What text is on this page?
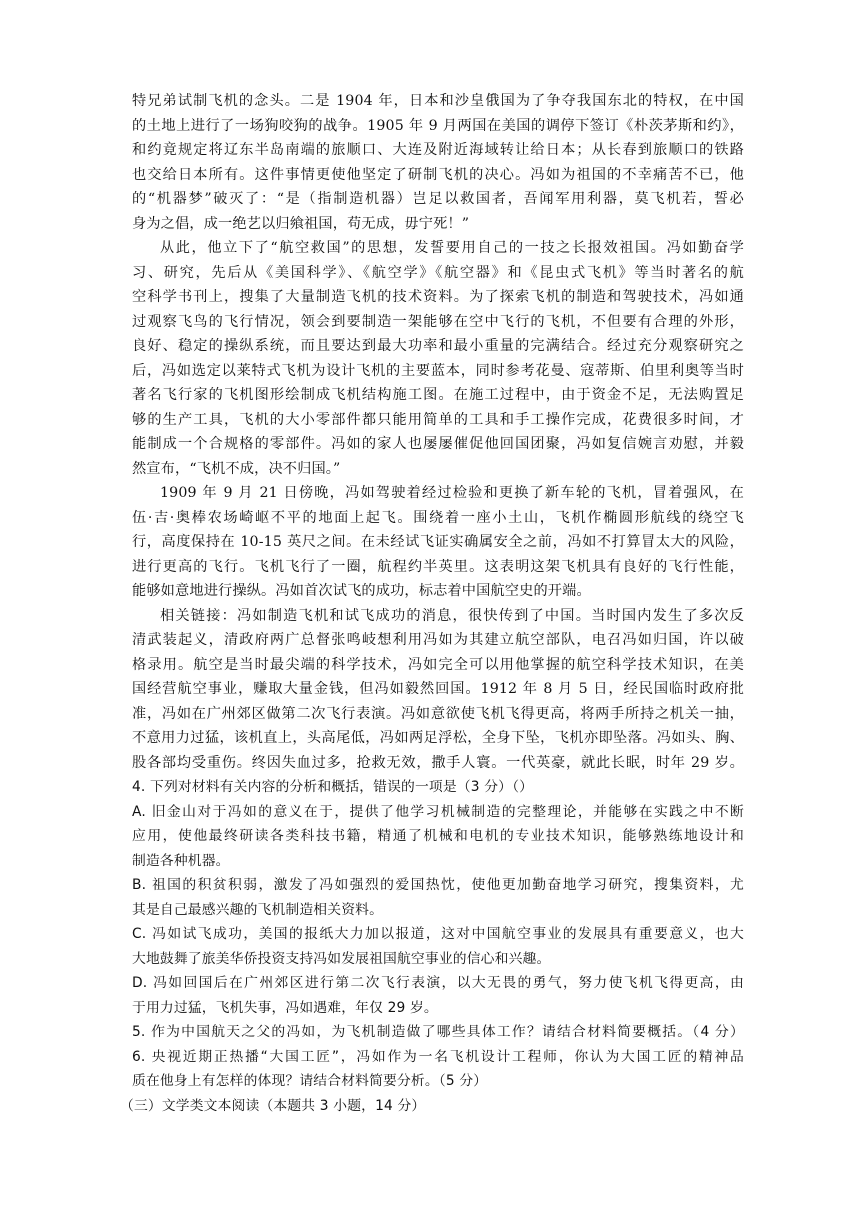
特兄弟试制飞机的念头。二是 1904 年，日本和沙皇俄国为了争夺我国东北的特权，在中国
的土地上进行了一场狗咬狗的战争。1905 年 9 月两国在美国的调停下签订《朴茨茅斯和约》，
和约竟规定将辽东半岛南端的旅顺口、大连及附近海域转让给日本；从长春到旅顺口的铁路
也交给日本所有。这件事情更使他坚定了研制飞机的决心。冯如为祖国的不幸痛苦不已，他
的“机器梦”破灭了：“是（指制造机器）岂足以救国者，吾闻军用利器，莫飞机若，誓必
身为之倡，成一绝艺以归飨祖国，苟无成，毋宁死！”
从此，他立下了“航空救国”的思想，发誓要用自己的一技之长报效祖国。冯如勤奋学
习、研究，先后从《美国科学》、《航空学》《航空器》和《昆虫式飞机》等当时著名的航
空科学书刊上，搜集了大量制造飞机的技术资料。为了探索飞机的制造和驾驶技术，冯如通
过观察飞鸟的飞行情况，领会到要制造一架能够在空中飞行的飞机，不但要有合理的外形，
良好、稳定的操纵系统，而且要达到最大功率和最小重量的完满结合。经过充分观察研究之
后，冯如选定以莱特式飞机为设计飞机的主要蓝本，同时参考花曼、寇蒂斯、伯里利奥等当时
著名飞行家的飞机图形绘制成飞机结构施工图。在施工过程中，由于资金不足，无法购置足
够的生产工具，飞机的大小零部件都只能用简单的工具和手工操作完成，花费很多时间，才
能制成一个合规格的零部件。冯如的家人也屡屡催促他回国团聚，冯如复信婉言劝慰，并毅
然宣布，“飞机不成，决不归国。”
1909 年 9 月 21 日傍晚，冯如驾驶着经过检验和更换了新车轮的飞机，冒着强风，在
伍·吉·奥棒农场崎岖不平的地面上起飞。围绕着一座小土山，飞机作椭圆形航线的绕空飞
行，高度保持在 10-15 英尺之间。在未经试飞证实确属安全之前，冯如不打算冒太大的风险，
进行更高的飞行。飞机飞行了一圈，航程约半英里。这表明这架飞机具有良好的飞行性能，
能够如意地进行操纵。冯如首次试飞的成功，标志着中国航空史的开端。
相关链接：冯如制造飞机和试飞成功的消息，很快传到了中国。当时国内发生了多次反
清武装起义，清政府两广总督张鸣岐想利用冯如为其建立航空部队，电召冯如归国，许以破
格录用。航空是当时最尖端的科学技术，冯如完全可以用他掌握的航空科学技术知识，在美
国经营航空事业，赚取大量金钱，但冯如毅然回国。1912 年 8 月 5 日，经民国临时政府批
准，冯如在广州郊区做第二次飞行表演。冯如意欲使飞机飞得更高，将两手所持之机关一抽，
不意用力过猛，该机直上，头高尾低，冯如两足浮松，全身下坠，飞机亦即坠落。冯如头、胸、
股各部均受重伤。终因失血过多，抢救无效，撒手人寰。一代英豪，就此长眠，时年 29 岁。
4. 下列对材料有关内容的分析和概括，错误的一项是（3 分）（）
A. 旧金山对于冯如的意义在于，提供了他学习机械制造的完整理论，并能够在实践之中不断
应用，使他最终研读各类科技书籍，精通了机械和电机的专业技术知识，能够熟练地设计和
制造各种机器。
B. 祖国的积贫积弱，激发了冯如强烈的爱国热忱，使他更加勤奋地学习研究，搜集资料，尤
其是自己最感兴趣的飞机制造相关资料。
C. 冯如试飞成功，美国的报纸大力加以报道，这对中国航空事业的发展具有重要意义，也大
大地鼓舞了旅美华侨投资支持冯如发展祖国航空事业的信心和兴趣。
D. 冯如回国后在广州郊区进行第二次飞行表演，以大无畏的勇气，努力使飞机飞得更高，由
于用力过猛，飞机失事，冯如遇难，年仅 29 岁。
5. 作为中国航天之父的冯如，为飞机制造做了哪些具体工作？请结合材料简要概括。（4 分）
6. 央视近期正热播“大国工匠”，冯如作为一名飞机设计工程师，你认为大国工匠的精神品
质在他身上有怎样的体现？请结合材料简要分析。（5 分）
（三）文学类文本阅读（本题共 3 小题，14 分）
